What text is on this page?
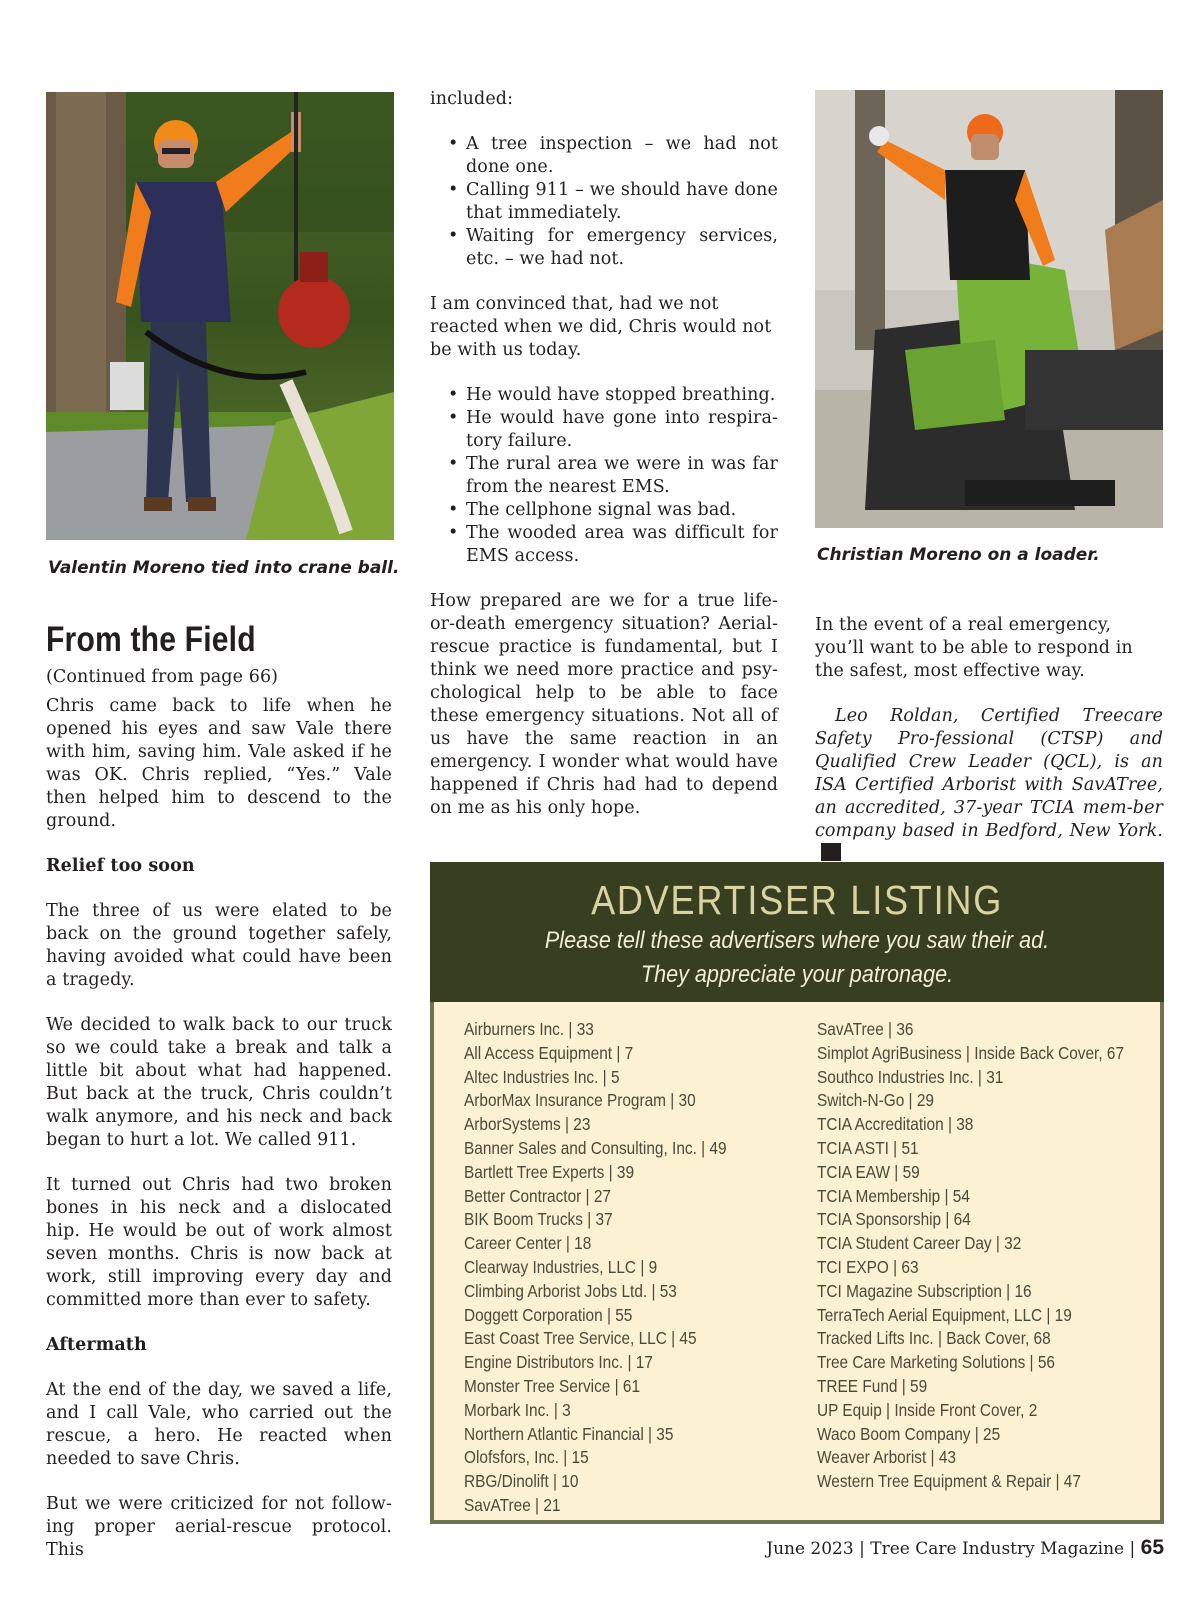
Valentin Moreno tied into crane ball.
Christian Moreno on a loader.
From the Field

(Continued from page 66)

Chris came back to life when he opened his eyes and saw Vale there with him, saving him. Vale asked if he was OK. Chris replied, “Yes.” Vale then helped him to descend to the ground.

Relief too soon

The three of us were elated to be back on the ground together safely, having avoided what could have been a tragedy.

We decided to walk back to our truck so we could take a break and talk a little bit about what had happened. But back at the truck, Chris couldn’t walk anymore, and his neck and back began to hurt a lot. We called 911.

It turned out Chris had two broken bones in his neck and a dislocated hip. He would be out of work almost seven months. Chris is now back at work, still improving every day and committed more than ever to safety.

Aftermath

At the end of the day, we saved a life, and I call Vale, who carried out the rescue, a hero. He reacted when needed to save Chris.

But we were criticized for not follow-ing proper aerial-rescue protocol. This

included:

• A tree inspection – we had not done one.
• Calling 911 – we should have done that immediately.
• Waiting for emergency services, etc. – we had not.

I am convinced that, had we not reacted when we did, Chris would not be with us today.

• He would have stopped breathing.
• He would have gone into respira-tory failure.
• The rural area we were in was far from the nearest EMS.
• The cellphone signal was bad.
• The wooded area was difficult for EMS access.

How prepared are we for a true life-or-death emergency situation? Aerial-rescue practice is fundamental, but I think we need more practice and psy-chological help to be able to face these emergency situations. Not all of us have the same reaction in an emergency. I wonder what would have happened if Chris had had to depend on me as his only hope.

In the event of a real emergency, you’ll want to be able to respond in the safest, most effective way.

Leo Roldan, Certified Treecare Safety Pro-fessional (CTSP) and Qualified Crew Leader (QCL), is an ISA Certified Arborist with SavATree, an accredited, 37-year TCIA mem-ber company based in Bedford, New York.

ADVERTISER LISTING
Please tell these advertisers where you saw their ad.
They appreciate your patronage.
Airburners Inc. | 33
All Access Equipment | 7
Altec Industries Inc. | 5
ArborMax Insurance Program | 30
ArborSystems | 23
Banner Sales and Consulting, Inc. | 49
Bartlett Tree Experts | 39
Better Contractor | 27
BIK Boom Trucks | 37
Career Center | 18
Clearway Industries, LLC | 9
Climbing Arborist Jobs Ltd. | 53
Doggett Corporation | 55
East Coast Tree Service, LLC | 45
Engine Distributors Inc. | 17
Monster Tree Service | 61
Morbark Inc. | 3
Northern Atlantic Financial | 35
Olofsfors, Inc. | 15
RBG/Dinolift | 10
SavATree | 21
SavATree | 36
Simplot AgriBusiness | Inside Back Cover, 67
Southco Industries Inc. | 31
Switch-N-Go | 29
TCIA Accreditation | 38
TCIA ASTI | 51
TCIA EAW | 59
TCIA Membership | 54
TCIA Sponsorship | 64
TCIA Student Career Day | 32
TCI EXPO | 63
TCI Magazine Subscription | 16
TerraTech Aerial Equipment, LLC | 19
Tracked Lifts Inc. | Back Cover, 68
Tree Care Marketing Solutions | 56
TREE Fund | 59
UP Equip | Inside Front Cover, 2
Waco Boom Company | 25
Weaver Arborist | 43
Western Tree Equipment & Repair | 47
June 2023 | Tree Care Industry Magazine | 65
